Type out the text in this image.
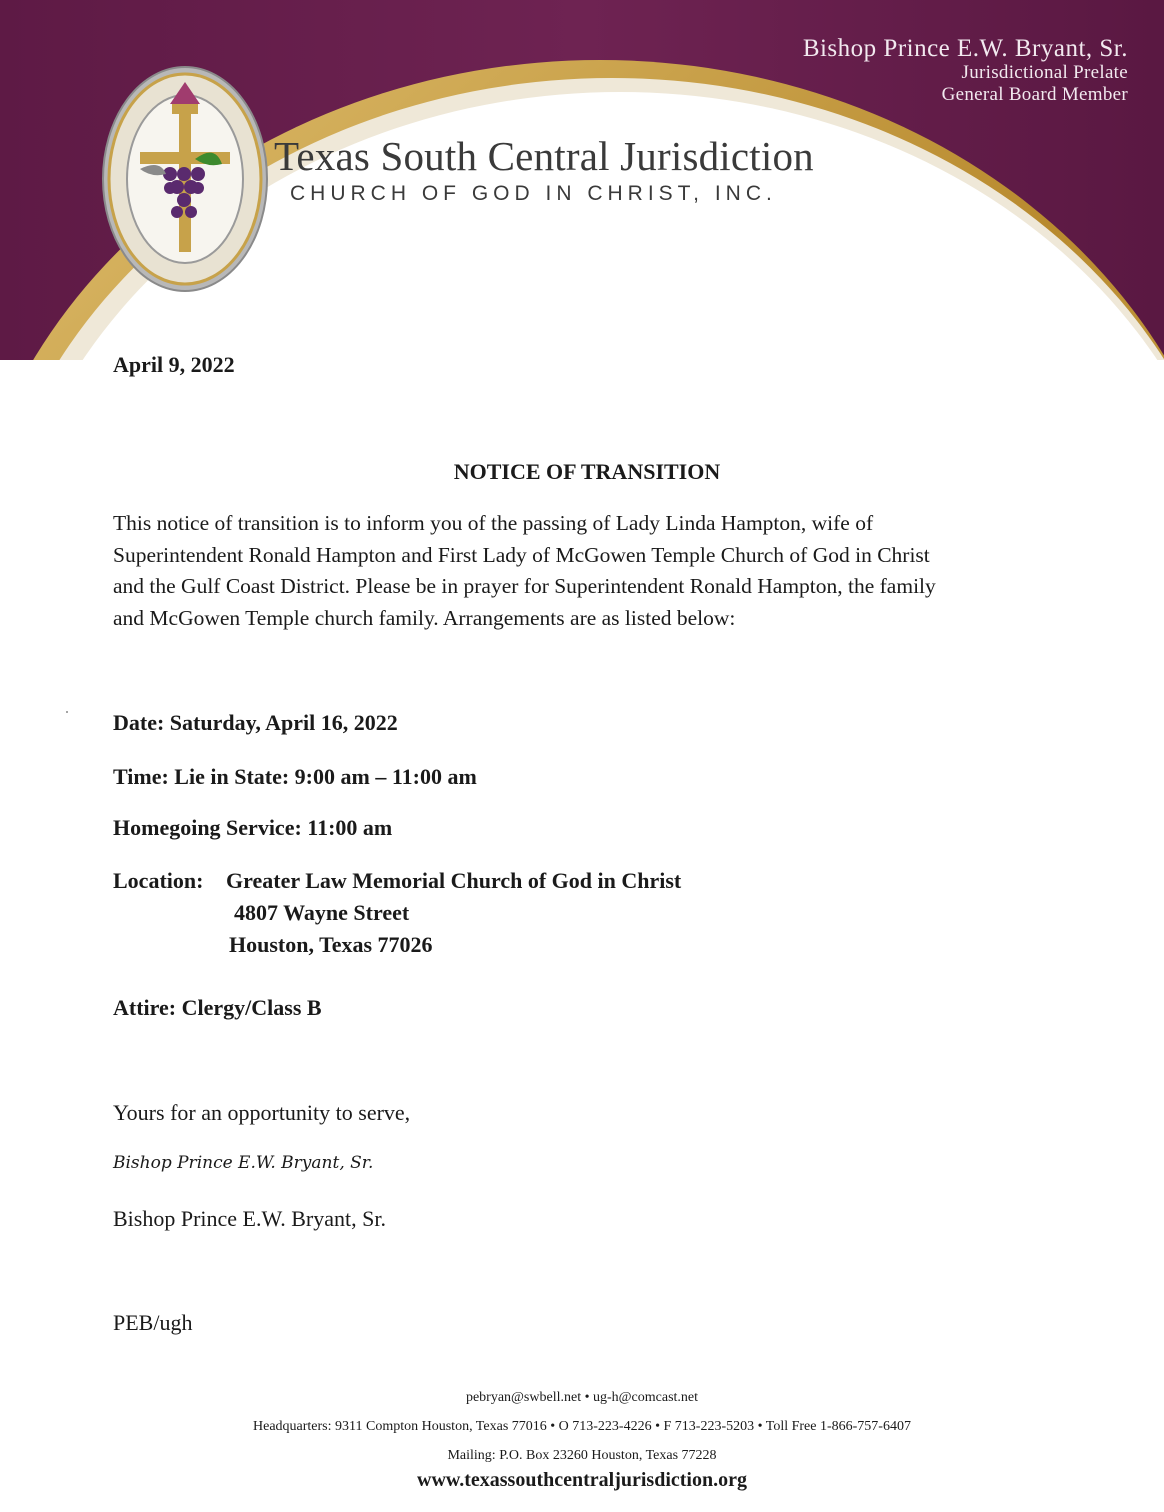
Bishop Prince E.W. Bryant, Sr.
Jurisdictional Prelate
General Board Member
Texas South Central Jurisdiction
CHURCH OF GOD IN CHRIST, INC.
April 9, 2022
NOTICE OF TRANSITION
This notice of transition is to inform you of the passing of Lady Linda Hampton, wife of
Superintendent Ronald Hampton and First Lady of McGowen Temple Church of God in Christ
and the Gulf Coast District. Please be in prayer for Superintendent Ronald Hampton, the family
and McGowen Temple church family. Arrangements are as listed below:
Date: Saturday, April 16, 2022
Time: Lie in State: 9:00 am – 11:00 am
Homegoing Service: 11:00 am
Location: Greater Law Memorial Church of God in Christ
4807 Wayne Street
Houston, Texas 77026
Attire: Clergy/Class B
Yours for an opportunity to serve,
Bishop Prince E.W. Bryant, Sr.
Bishop Prince E.W. Bryant, Sr.
PEB/ugh
pebryan@swbell.net • ug-h@comcast.net
Headquarters: 9311 Compton Houston, Texas 77016 • O 713-223-4226 • F 713-223-5203 • Toll Free 1-866-757-6407
Mailing: P.O. Box 23260 Houston, Texas 77228
www.texassouthcentraljurisdiction.org
